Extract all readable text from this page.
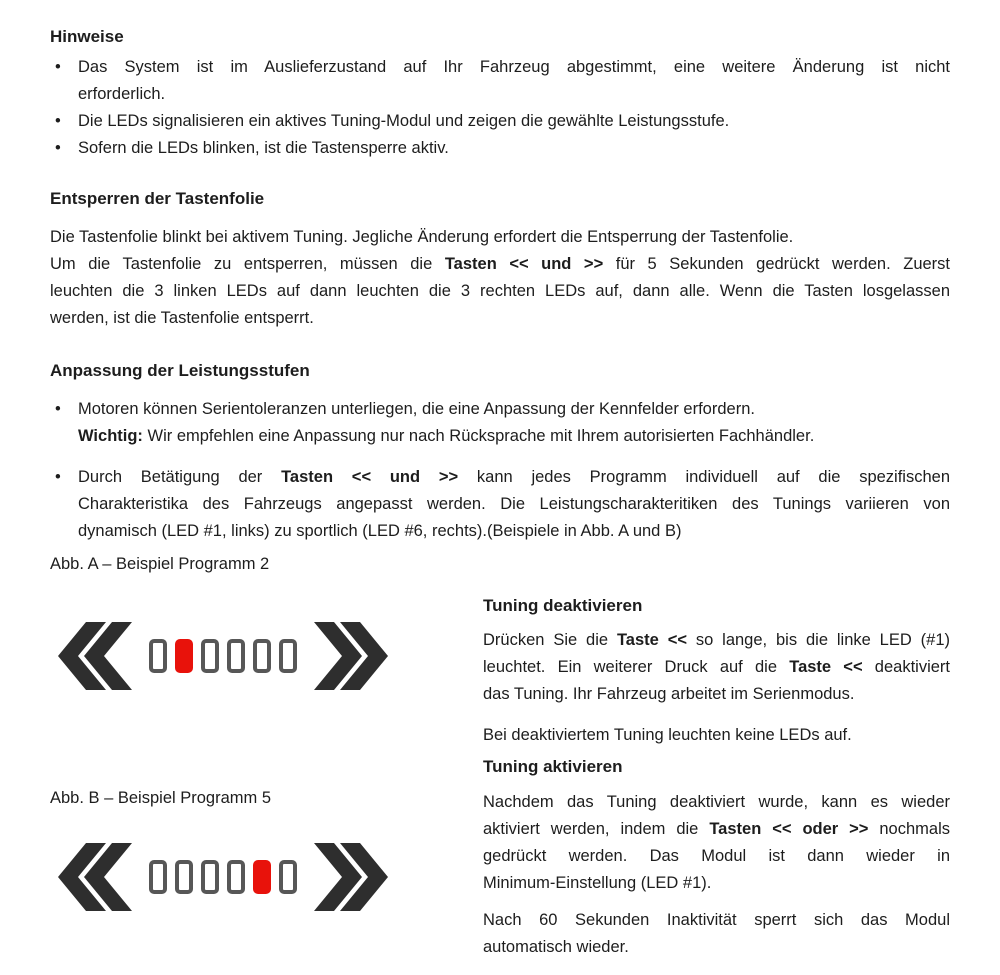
Hinweise
• Das System ist im Auslieferzustand auf Ihr Fahrzeug abgestimmt, eine weitere Änderung ist nicht
erforderlich.
• Die LEDs signalisieren ein aktives Tuning-Modul und zeigen die gewählte Leistungsstufe.
• Sofern die LEDs blinken, ist die Tastensperre aktiv.
Entsperren der Tastenfolie

Die Tastenfolie blinkt bei aktivem Tuning. Jegliche Änderung erfordert die Entsperrung der Tastenfolie.

Um die Tastenfolie zu entsperren, müssen die Tasten << und >> für 5 Sekunden gedrückt werden. Zuerst
leuchten die 3 linken LEDs auf dann leuchten die 3 rechten LEDs auf, dann alle. Wenn die Tasten losgelassen
werden, ist die Tastenfolie entsperrt.

Anpassung der Leistungsstufen
• Motoren können Serientoleranzen unterliegen, die eine Anpassung der Kennfelder erfordern.
Wichtig: Wir empfehlen eine Anpassung nur nach Rücksprache mit Ihrem autorisierten Fachhändler.
• Durch Betätigung der Tasten << und >> kann jedes Programm individuell auf die spezifischen
Charakteristika des Fahrzeugs angepasst werden. Die Leistungscharakteritiken des Tunings variieren von
dynamisch (LED #1, links) zu sportlich (LED #6, rechts).(Beispiele in Abb. A und B)
Abb. A – Beispiel Programm 2
Abb. B – Beispiel Programm 5
Tuning deaktivieren

Drücken Sie die Taste << so lange, bis die linke LED (#1)
leuchtet. Ein weiterer Druck auf die Taste << deaktiviert
das Tuning. Ihr Fahrzeug arbeitet im Serienmodus.

Bei deaktiviertem Tuning leuchten keine LEDs auf.

Tuning aktivieren

Nachdem das Tuning deaktiviert wurde, kann es wieder
aktiviert werden, indem die Tasten << oder >> nochmals
gedrückt werden. Das Modul ist dann wieder in
Minimum-Einstellung (LED #1).

Nach 60 Sekunden Inaktivität sperrt sich das Modul
automatisch wieder.
